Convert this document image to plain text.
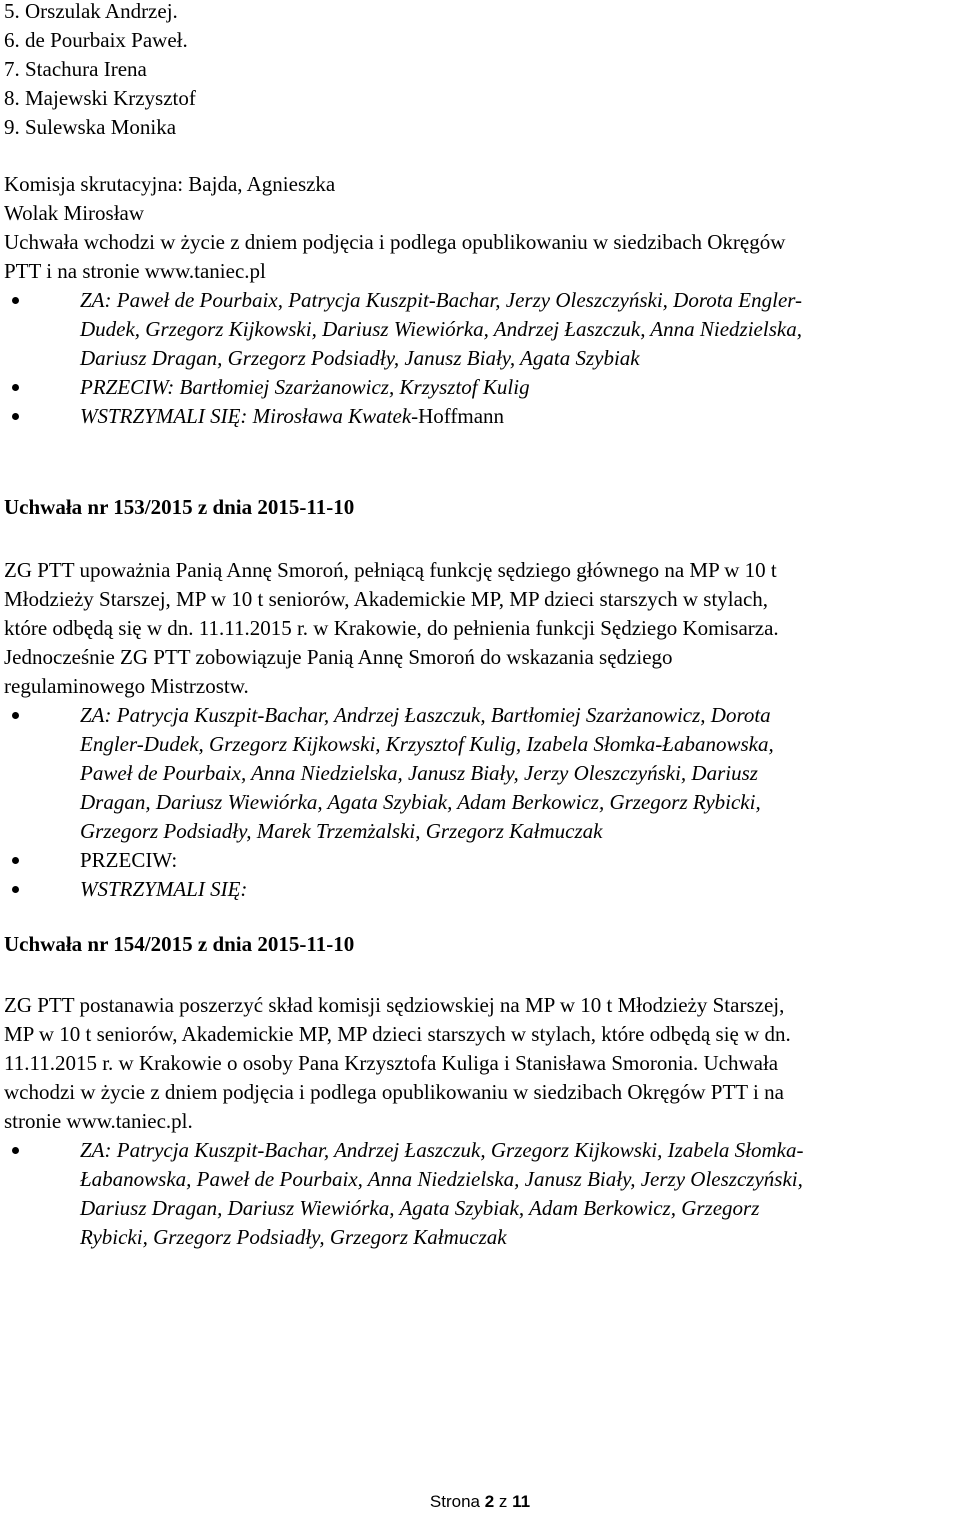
5. Orszulak Andrzej.
6. de Pourbaix Paweł.
7. Stachura Irena
8. Majewski Krzysztof
9. Sulewska Monika
Komisja skrutacyjna: Bajda, Agnieszka
Wolak Mirosław
Uchwała wchodzi w życie z dniem podjęcia i podlega opublikowaniu w siedzibach Okręgów
PTT i na stronie www.taniec.pl
ZA: Paweł de Pourbaix, Patrycja Kuszpit-Bachar, Jerzy Oleszczyński, Dorota Engler-
Dudek, Grzegorz Kijkowski, Dariusz Wiewiórka, Andrzej Łaszczuk, Anna Niedzielska,
Dariusz Dragan, Grzegorz Podsiadły, Janusz Biały, Agata Szybiak
PRZECIW: Bartłomiej Szarżanowicz, Krzysztof Kulig
WSTRZYMALI SIĘ: Mirosława Kwatek-Hoffmann
Uchwała nr 153/2015 z dnia 2015-11-10
ZG PTT upoważnia Panią Annę Smoroń, pełniącą funkcję sędziego głównego na MP w 10 t
Młodzieży Starszej, MP w 10 t seniorów, Akademickie MP, MP dzieci starszych w stylach,
które odbędą się w dn. 11.11.2015 r. w Krakowie, do pełnienia funkcji Sędziego Komisarza.
Jednocześnie ZG PTT zobowiązuje Panią Annę Smoroń do wskazania sędziego
regulaminowego Mistrzostw.
ZA: Patrycja Kuszpit-Bachar, Andrzej Łaszczuk, Bartłomiej Szarżanowicz, Dorota
Engler-Dudek, Grzegorz Kijkowski, Krzysztof Kulig, Izabela Słomka-Łabanowska,
Paweł de Pourbaix, Anna Niedzielska, Janusz Biały, Jerzy Oleszczyński, Dariusz
Dragan, Dariusz Wiewiórka, Agata Szybiak, Adam Berkowicz, Grzegorz Rybicki,
Grzegorz Podsiadły, Marek Trzemżalski, Grzegorz Kałmuczak
PRZECIW:
WSTRZYMALI SIĘ:
Uchwała nr 154/2015 z dnia 2015-11-10
ZG PTT postanawia poszerzyć skład komisji sędziowskiej na MP w 10 t Młodzieży Starszej,
MP w 10 t seniorów, Akademickie MP, MP dzieci starszych w stylach, które odbędą się w dn.
11.11.2015 r. w Krakowie o osoby Pana Krzysztofa Kuliga i Stanisława Smoronia. Uchwała
wchodzi w życie z dniem podjęcia i podlega opublikowaniu w siedzibach Okręgów PTT i na
stronie www.taniec.pl.
ZA: Patrycja Kuszpit-Bachar, Andrzej Łaszczuk, Grzegorz Kijkowski, Izabela Słomka-
Łabanowska, Paweł de Pourbaix, Anna Niedzielska, Janusz Biały, Jerzy Oleszczyński,
Dariusz Dragan, Dariusz Wiewiórka, Agata Szybiak, Adam Berkowicz, Grzegorz
Rybicki, Grzegorz Podsiadły, Grzegorz Kałmuczak
Strona 2 z 11
